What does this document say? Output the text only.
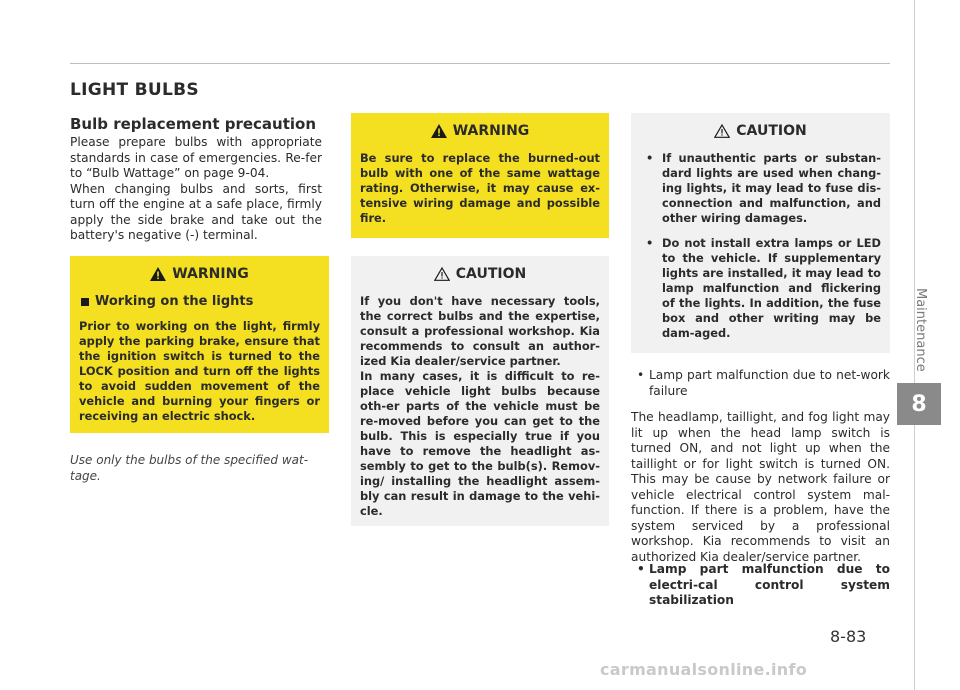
LIGHT BULBS
Bulb replacement precaution
Please prepare bulbs with appropriate standards in case of emergencies. Re-fer to “Bulb Wattage” on page 9-04.
When changing bulbs and sorts, first turn off the engine at a safe place, firmly apply the side brake and take out the battery's negative (-) terminal.
WARNING
Working on the lights
Prior to working on the light, firmly apply the parking brake, ensure that the ignition switch is turned to the LOCK position and turn off the lights to avoid sudden movement of the vehicle and burning your fingers or receiving an electric shock.
Use only the bulbs of the specified wat-tage.
WARNING
Be sure to replace the burned-out bulb with one of the same wattage rating. Otherwise, it may cause ex-tensive wiring damage and possible fire.
CAUTION
If you don't have necessary tools, the correct bulbs and the expertise, consult a professional workshop. Kia recommends to consult an author-ized Kia dealer/service partner.
In many cases, it is difficult to re-place vehicle light bulbs because oth-er parts of the vehicle must be re-moved before you can get to the bulb. This is especially true if you have to remove the headlight as-sembly to get to the bulb(s). Remov-ing/ installing the headlight assem-bly can result in damage to the vehi-cle.
CAUTION
• If unauthentic parts or substan-dard lights are used when chang-ing lights, it may lead to fuse dis-connection and malfunction, and other wiring damages.
• Do not install extra lamps or LED to the vehicle. If supplementary lights are installed, it may lead to lamp malfunction and flickering of the lights. In addition, the fuse box and other writing may be dam-aged.
• Lamp part malfunction due to net-work failure
The headlamp, taillight, and fog light may lit up when the head lamp switch is turned ON, and not light up when the taillight or for light switch is turned ON. This may be cause by network failure or vehicle electrical control system mal-function. If there is a problem, have the system serviced by a professional workshop. Kia recommends to visit an authorized Kia dealer/service partner.
• Lamp part malfunction due to electri-cal control system stabilization
Maintenance
8
8-83
carmanualsonline.info
